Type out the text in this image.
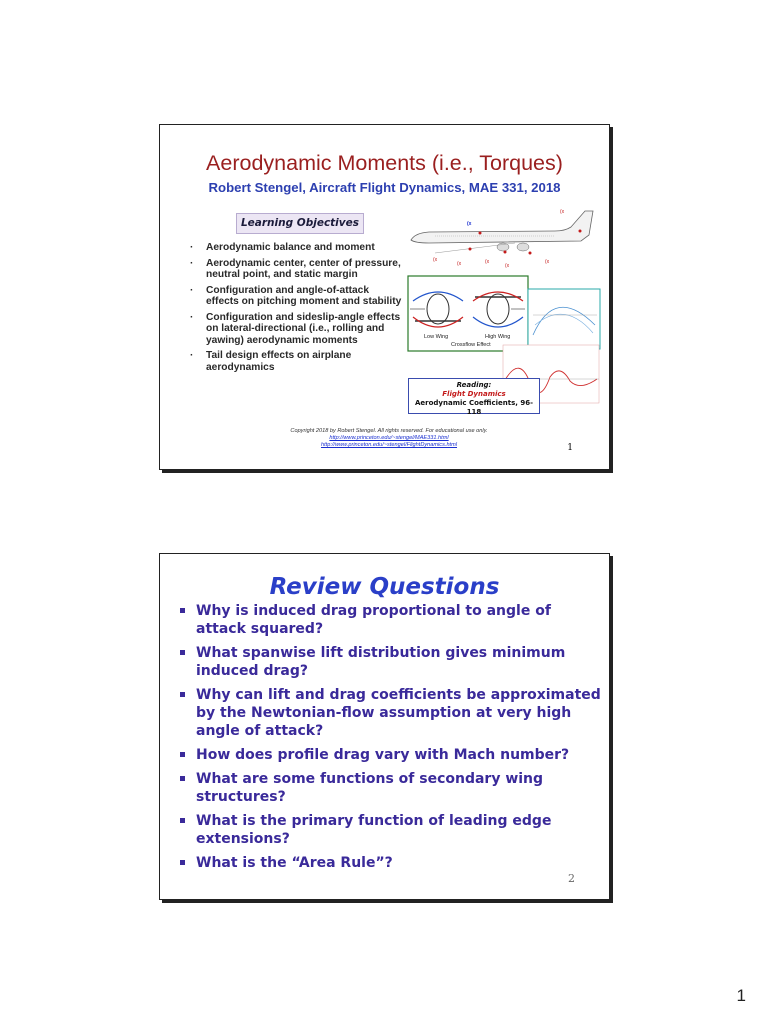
Aerodynamic Moments (i.e., Torques)
Robert Stengel, Aircraft Flight Dynamics, MAE 331, 2018
Learning Objectives
· Aerodynamic balance and moment
· Aerodynamic center, center of pressure, neutral point, and static margin
· Configuration and angle-of-attack effects on pitching moment and stability
· Configuration and sideslip-angle effects on lateral-directional (i.e., rolling and yawing) aerodynamic moments
· Tail design effects on airplane aerodynamics
(x
(x
(x	(x
(x
(x
(x
Low Wing	High Wing
Crossflow Effect
Reading:
Flight Dynamics
Aerodynamic Coefficients, 96-118
Copyright 2018 by Robert Stengel. All rights reserved. For educational use only.
http://www.princeton.edu/~stengel/MAE331.html
http://www.princeton.edu/~stengel/FlightDynamics.html	1
Review Questions
Why is induced drag proportional to angle of attack squared?
What spanwise lift distribution gives minimum induced drag?
Why can lift and drag coefficients be approximated by the Newtonian-flow assumption at very high angle of attack?
How does profile drag vary with Mach number?
What are some functions of secondary wing structures?
What is the primary function of leading edge extensions?
What is the “Area Rule”?
2
1
